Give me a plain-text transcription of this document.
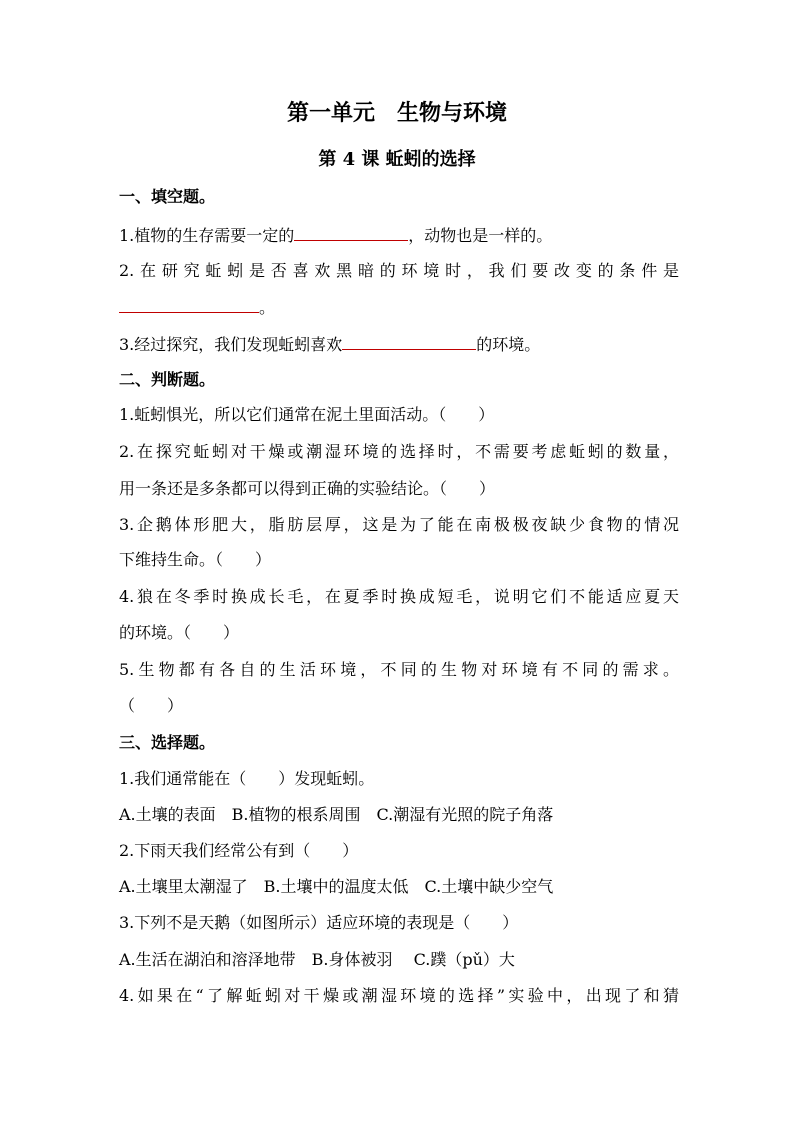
第一单元　生物与环境
第 4 课 蚯蚓的选择
一、填空题。
1.植物的生存需要一定的	，动物也是一样的。
2.在研究蚯蚓是否喜欢黑暗的环境时，我们要改变的条件是
。
3.经过探究，我们发现蚯蚓喜欢	的环境。
二、判断题。
1.蚯蚓惧光，所以它们通常在泥土里面活动。（　　）
2.在探究蚯蚓对干燥或潮湿环境的选择时，不需要考虑蚯蚓的数量，
用一条还是多条都可以得到正确的实验结论。（　　）
3.企鹅体形肥大，脂肪层厚，这是为了能在南极极夜缺少食物的情况
下维持生命。（　　）
4.狼在冬季时换成长毛，在夏季时换成短毛，说明它们不能适应夏天
的环境。（　　）
5.生物都有各自的生活环境，不同的生物对环境有不同的需求。
（　　）
三、选择题。
1.我们通常能在（　　）发现蚯蚓。
A.土壤的表面　B.植物的根系周围　C.潮湿有光照的院子角落
2.下雨天我们经常公有到（　　）
A.土壤里太潮湿了　B.土壤中的温度太低　C.土壤中缺少空气
3.下列不是天鹅（如图所示）适应环境的表现是（　　）
A.生活在湖泊和溶泽地带　B.身体被羽　 C.蹼（pǔ）大
4.如果在“了解蚯蚓对干燥或潮湿环境的选择”实验中，出现了和猜
